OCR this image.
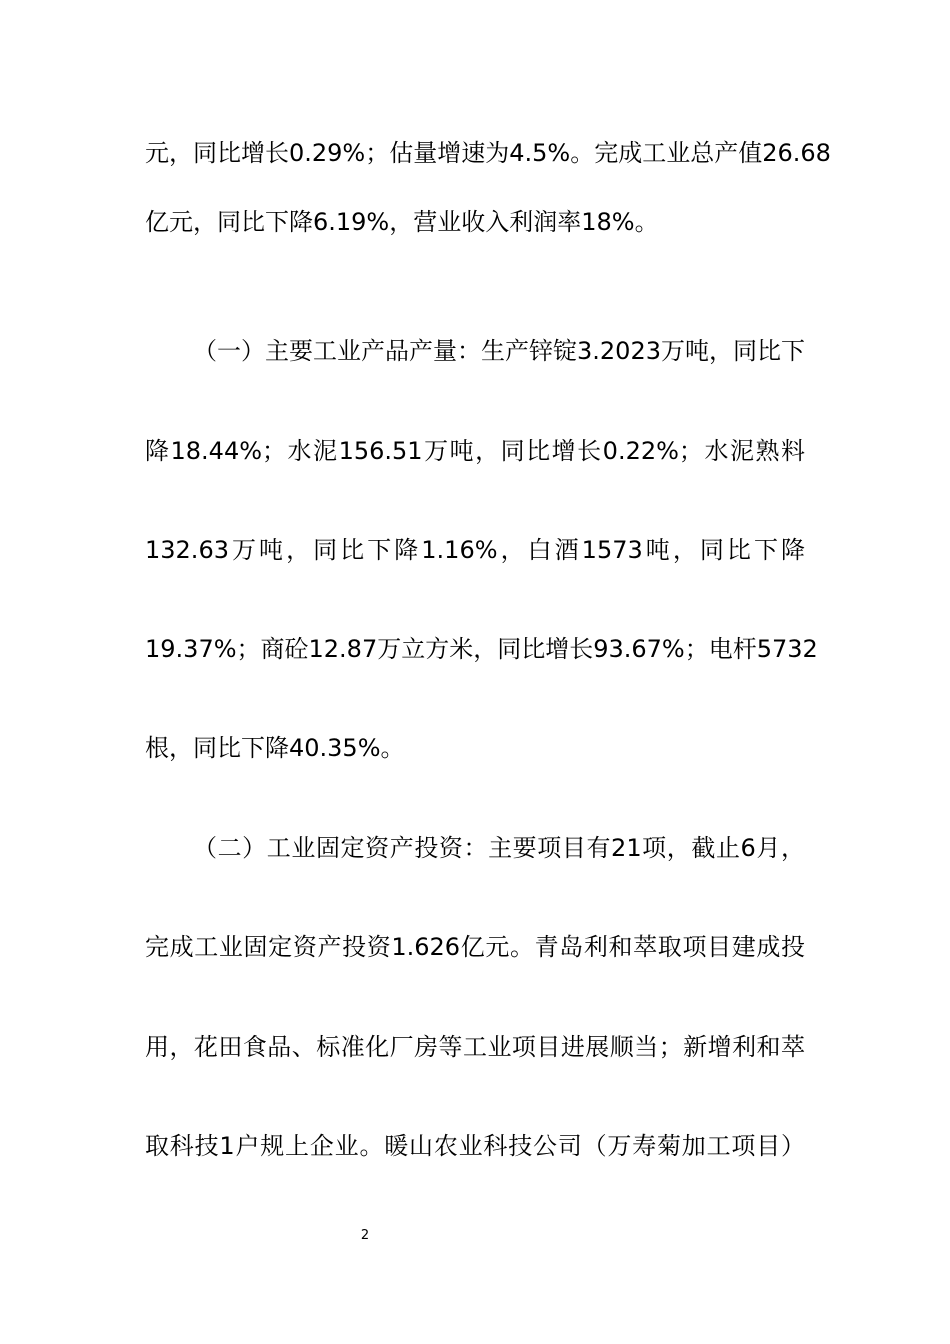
元，同比增长0.29%；估量增速为4.5%。完成工业总产值26.68
亿元，同比下降6.19%，营业收入利润率18%。
（一）主要工业产品产量：生产锌锭3.2023万吨，同比下
降18.44%；水泥156.51万吨，同比增长0.22%；水泥熟料
132.63万吨，同比下降1.16%，白酒1573吨，同比下降
19.37%；商砼12.87万立方米，同比增长93.67%；电杆5732
根，同比下降40.35%。
（二）工业固定资产投资：主要项目有21项，截止6月，
完成工业固定资产投资1.626亿元。青岛利和萃取项目建成投
用，花田食品、标准化厂房等工业项目进展顺当；新增利和萃
取科技1户规上企业。暖山农业科技公司（万寿菊加工项目）
2
